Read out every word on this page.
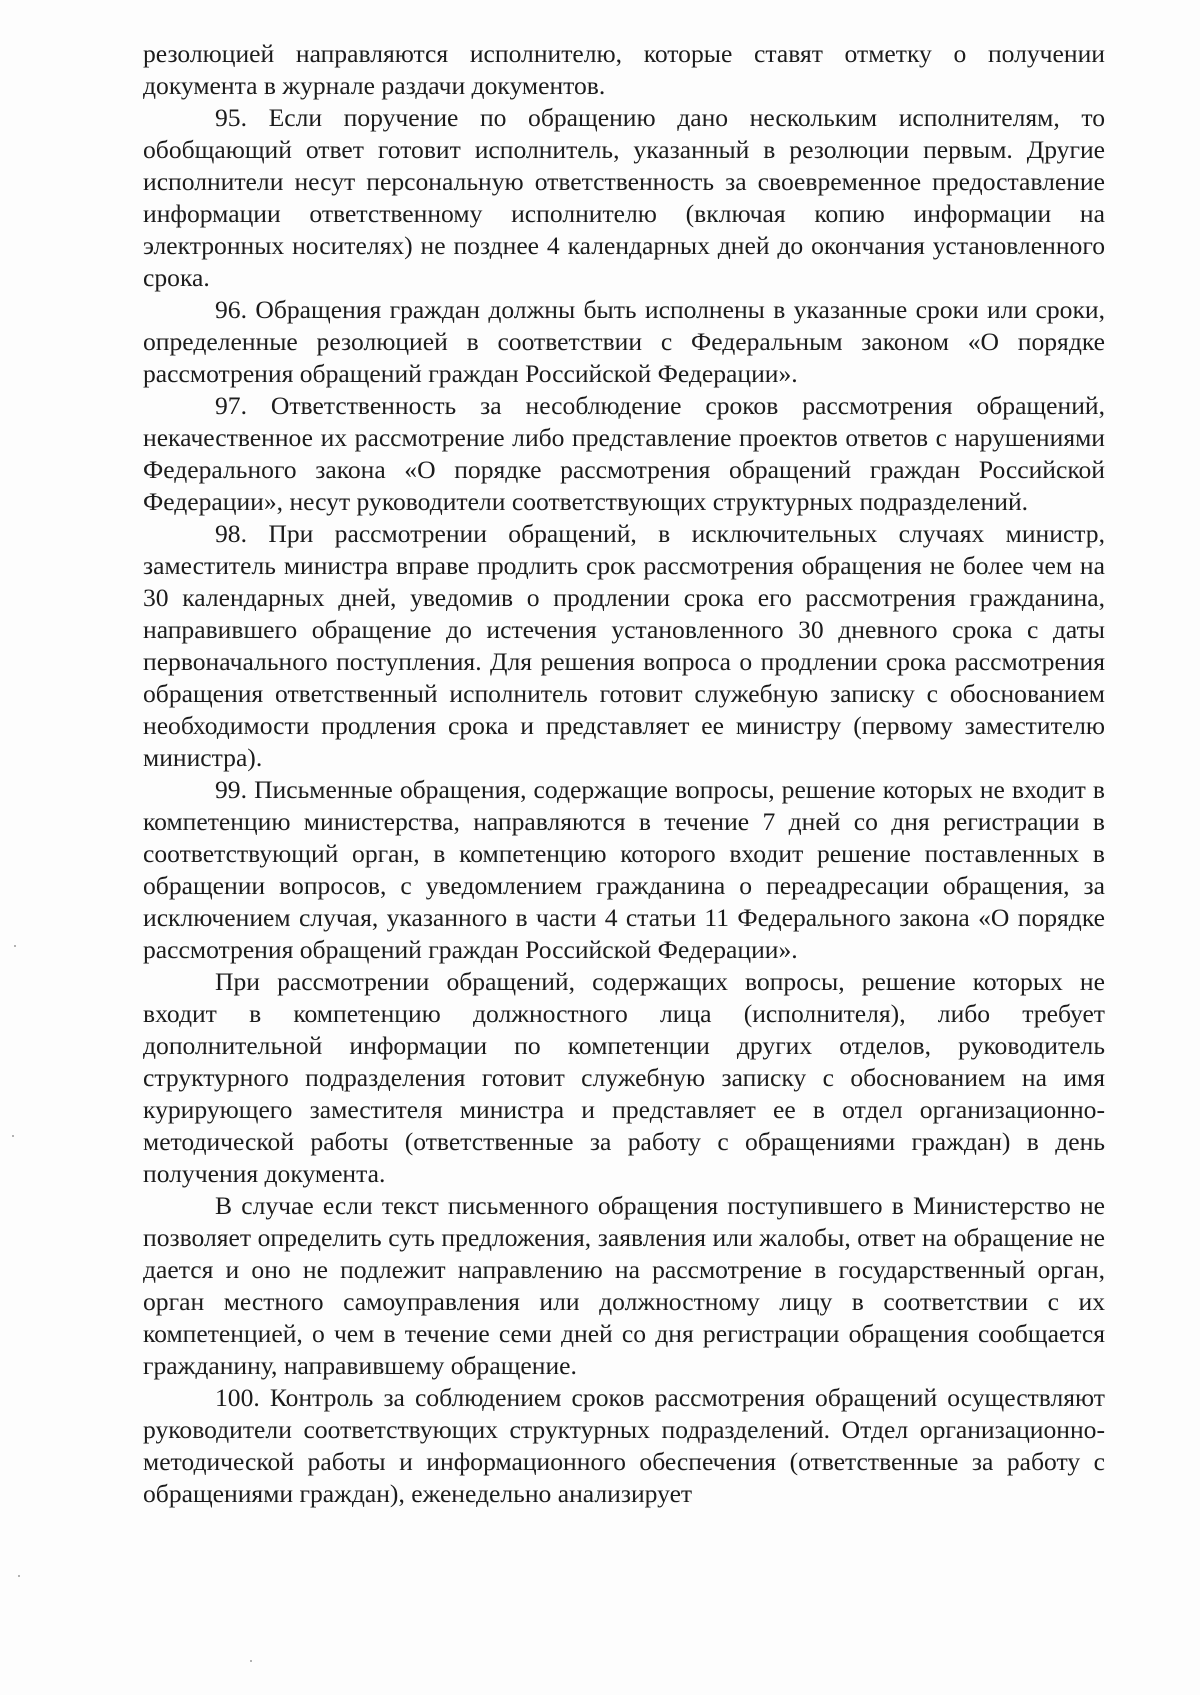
резолюцией направляются исполнителю, которые ставят отметку о получении документа в журнале раздачи документов.

95. Если поручение по обращению дано нескольким исполнителям, то обобщающий ответ готовит исполнитель, указанный в резолюции первым. Другие исполнители несут персональную ответственность за своевременное предоставление информации ответственному исполнителю (включая копию информации на электронных носителях) не позднее 4 календарных дней до окончания установленного срока.

96. Обращения граждан должны быть исполнены в указанные сроки или сроки, определенные резолюцией в соответствии с Федеральным законом «О порядке рассмотрения обращений граждан Российской Федерации».

97. Ответственность за несоблюдение сроков рассмотрения обращений, некачественное их рассмотрение либо представление проектов ответов с нарушениями Федерального закона «О порядке рассмотрения обращений граждан Российской Федерации», несут руководители соответствующих структурных подразделений.

98. При рассмотрении обращений, в исключительных случаях министр, заместитель министра вправе продлить срок рассмотрения обращения не более чем на 30 календарных дней, уведомив о продлении срока его рассмотрения гражданина, направившего обращение до истечения установленного 30 дневного срока с даты первоначального поступления. Для решения вопроса о продлении срока рассмотрения обращения ответственный исполнитель готовит служебную записку с обоснованием необходимости продления срока и представляет ее министру (первому заместителю министра).

99. Письменные обращения, содержащие вопросы, решение которых не входит в компетенцию министерства, направляются в течение 7 дней со дня регистрации в соответствующий орган, в компетенцию которого входит решение поставленных в обращении вопросов, с уведомлением гражданина о переадресации обращения, за исключением случая, указанного в части 4 статьи 11 Федерального закона «О порядке рассмотрения обращений граждан Российской Федерации».

При рассмотрении обращений, содержащих вопросы, решение которых не входит в компетенцию должностного лица (исполнителя), либо требует дополнительной информации по компетенции других отделов, руководитель структурного подразделения готовит служебную записку с обоснованием на имя курирующего заместителя министра и представляет ее в отдел организационно-методической работы (ответственные за работу с обращениями граждан) в день получения документа.

В случае если текст письменного обращения поступившего в Министерство не позволяет определить суть предложения, заявления или жалобы, ответ на обращение не дается и оно не подлежит направлению на рассмотрение в государственный орган, орган местного самоуправления или должностному лицу в соответствии с их компетенцией, о чем в течение семи дней со дня регистрации обращения сообщается гражданину, направившему обращение.

100. Контроль за соблюдением сроков рассмотрения обращений осуществляют руководители соответствующих структурных подразделений. Отдел организационно-методической работы и информационного обеспечения (ответственные за работу с обращениями граждан), еженедельно анализирует
